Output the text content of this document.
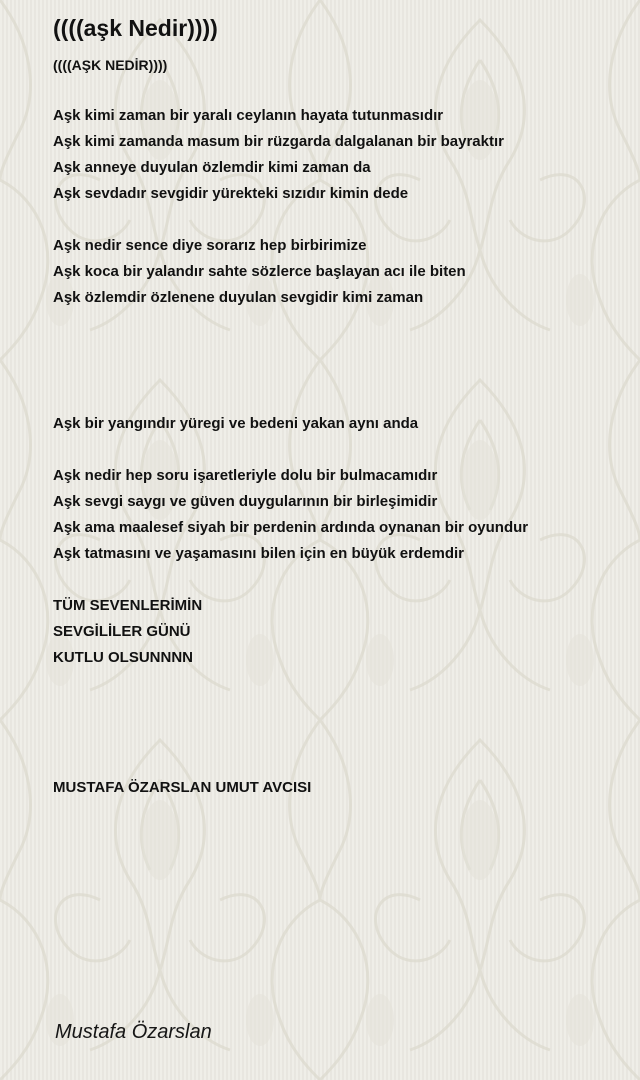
((((aşk Nedir))))
((((AŞK NEDİR))))
Aşk kimi zaman bir yaralı ceylanın hayata tutunmasıdır
Aşk kimi zamanda masum bir rüzgarda dalgalanan bir bayraktır
Aşk anneye duyulan özlemdir kimi zaman da
Aşk sevdadır sevgidir yürekteki sızıdır kimin dede
Aşk nedir sence diye sorarız hep birbirimize
Aşk koca bir yalandır sahte sözlerce başlayan acı ile biten
Aşk özlemdir özlenene duyulan sevgidir kimi zaman
Aşk bir yangındır yüregi ve bedeni yakan aynı anda
Aşk nedir hep soru işaretleriyle dolu bir bulmacamıdır
Aşk sevgi saygı ve güven duygularının bir birleşimidir
Aşk ama maalesef siyah bir perdenin ardında oynanan bir oyundur
Aşk tatmasını ve yaşamasını bilen için en büyük erdemdir
TÜM SEVENLERİMİN
SEVGİLİLER GÜNÜ
KUTLU OLSUNNNN
MUSTAFA ÖZARSLAN UMUT AVCISI
Mustafa Özarslan
